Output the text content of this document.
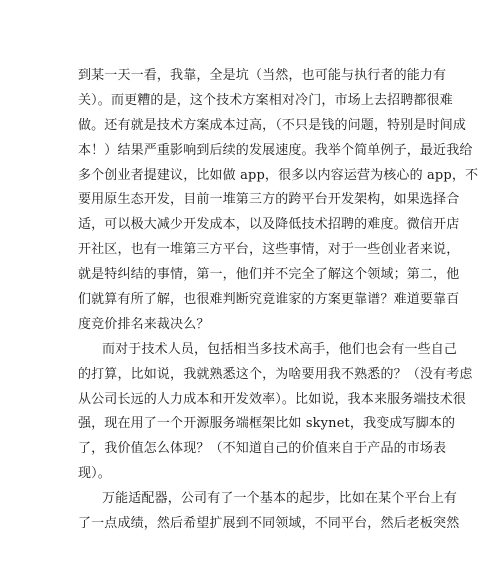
到某一天一看，我靠，全是坑（当然，也可能与执行者的能力有
关）。而更糟的是，这个技术方案相对冷门，市场上去招聘都很难
做。还有就是技术方案成本过高，（不只是钱的问题，特别是时间成
本！）结果严重影响到后续的发展速度。我举个简单例子，最近我给
多个创业者提建议，比如做 app，很多以内容运营为核心的 app，不
要用原生态开发，目前一堆第三方的跨平台开发架构，如果选择合
适，可以极大减少开发成本，以及降低技术招聘的难度。微信开店
开社区，也有一堆第三方平台，这些事情，对于一些创业者来说，
就是特纠结的事情，第一，他们并不完全了解这个领域；第二，他
们就算有所了解，也很难判断究竟谁家的方案更靠谱？难道要靠百
度竞价排名来裁决么？
而对于技术人员，包括相当多技术高手，他们也会有一些自己
的打算，比如说，我就熟悉这个，为啥要用我不熟悉的？（没有考虑
从公司长远的人力成本和开发效率）。比如说，我本来服务端技术很
强，现在用了一个开源服务端框架比如 skynet，我变成写脚本的
了，我价值怎么体现？（不知道自己的价值来自于产品的市场表
现）。
万能适配器，公司有了一个基本的起步，比如在某个平台上有
了一点成绩，然后希望扩展到不同领域，不同平台，然后老板突然
